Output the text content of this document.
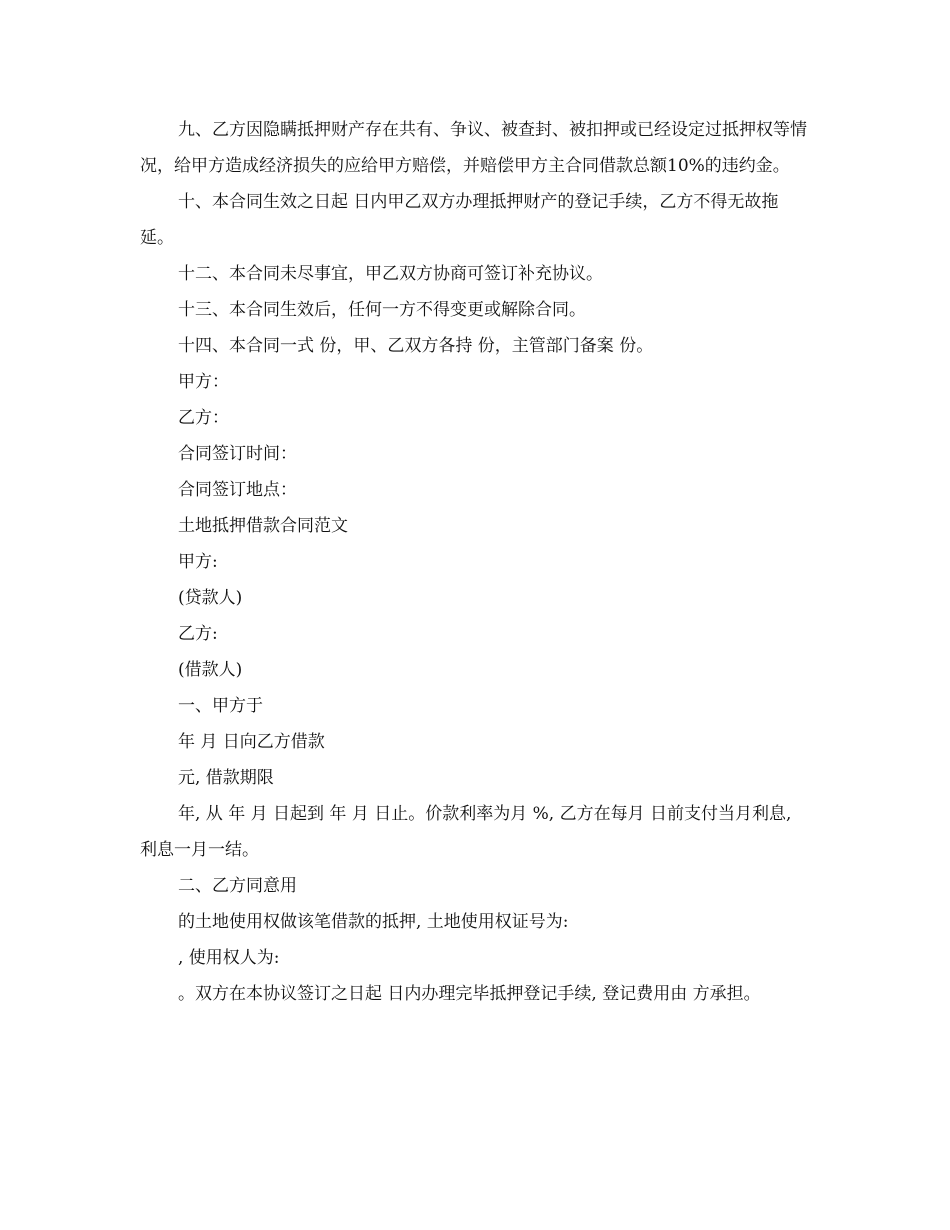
九、乙方因隐瞒抵押财产存在共有、争议、被查封、被扣押或已经设定过抵押权等情况，给甲方造成经济损失的应给甲方赔偿，并赔偿甲方主合同借款总额10%的违约金。

十、本合同生效之日起 日内甲乙双方办理抵押财产的登记手续，乙方不得无故拖延。

十二、本合同未尽事宜，甲乙双方协商可签订补充协议。

十三、本合同生效后，任何一方不得变更或解除合同。

十四、本合同一式 份，甲、乙双方各持 份，主管部门备案 份。

甲方：

乙方：

合同签订时间：

合同签订地点：

土地抵押借款合同范文

甲方:

(贷款人)

乙方:

(借款人)

一、甲方于

年 月 日向乙方借款

元, 借款期限

年, 从 年 月 日起到 年 月 日止。价款利率为月 %, 乙方在每月 日前支付当月利息, 利息一月一结。

二、乙方同意用

的土地使用权做该笔借款的抵押, 土地使用权证号为:

, 使用权人为:

。双方在本协议签订之日起 日内办理完毕抵押登记手续, 登记费用由 方承担。
